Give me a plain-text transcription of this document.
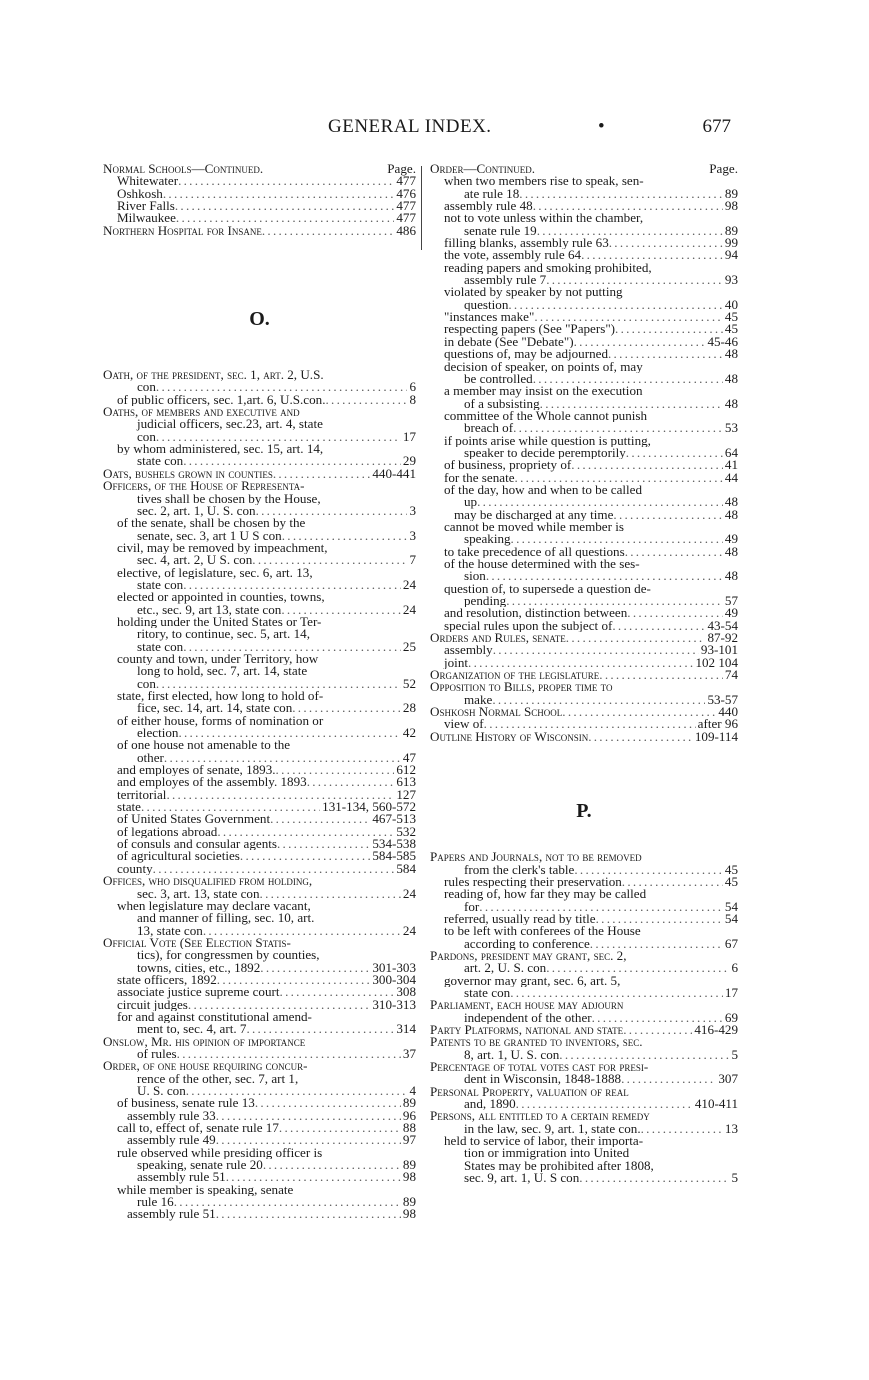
GENERAL INDEX.	•	677
Normal Schools—Continued.	Page.
Whitewater . . .	477
Oshkosh . . .	476
River Falls . . .	477
Milwaukee . . .	477
Northern Hospital for Insane . . .	486
O.
Oath, of the president, sec. 1, art. 2, U.S.
con . . .	6
of public officers, sec. 1,art. 6, U.S.con. . . .	8
Oaths, of members and executive and
judicial officers, sec.23, art. 4, state
con . . .	17
by whom administered, sec. 15, art. 14,
state con . . .	29
Oats, bushels grown in counties . . .	440-441
Officers, of the House of Representa-
tives shall be chosen by the House,
sec. 2, art. 1, U. S. con . . .	3
of the senate, shall be chosen by the
senate, sec. 3, art 1 U S con . . .	3
civil, may be removed by impeachment,
sec. 4, art. 2, U S. con . . .	7
elective, of legislature, sec. 6, art. 13,
state con . . .	24
elected or appointed in counties, towns,
etc., sec. 9, art 13, state con . . .	24
holding under the United States or Ter-
ritory, to continue, sec. 5, art. 14,
state con . . .	25
county and town, under Territory, how
long to hold, sec. 7, art. 14, state
con . . .	52
state, first elected, how long to hold of-
fice, sec. 14, art. 14, state con . . .	28
of either house, forms of nomination or
election . . .	42
of one house not amenable to the
other . . .	47
and employes of senate, 1893. . . .	612
and employes of the assembly. 1893 . . .	613
territorial . . .	127
state . . .	131-134, 560-572
of United States Government . . .	467-513
of legations abroad . . .	532
of consuls and consular agents . . .	534-538
of agricultural societies . . .	584-585
county . . .	584
Offices, who disqualified from holding,
sec. 3, art. 13, state con . . .	24
when legislature may declare vacant,
and manner of filling, sec. 10, art.
13, state con . . .	24
Official Vote (See Election Statis-
tics), for congressmen by counties,
towns, cities, etc., 1892 . . .	301-303
state officers, 1892 . . .	300-304
associate justice supreme court . . .	308
circuit judges . . .	310-313
for and against constitutional amend-
ment to, sec. 4, art. 7 . . .	314
Onslow, Mr. his opinion of importance
of rules . . .	37
Order, of one house requiring concur-
rence of the other, sec. 7, art 1,
U. S. con . . .	4
of business, senate rule 13 . . .	89
assembly rule 33 . . .	96
call to, effect of, senate rule 17 . . .	88
assembly rule 49 . . .	97
rule observed while presiding officer is
speaking, senate rule 20 . . .	89
assembly rule 51 . . .	98
while member is speaking, senate
rule 16 . . .	89
assembly rule 51 . . .	98
Order—Continued.	Page.
when two members rise to speak, sen-
ate rule 18 . . .	89
assembly rule 48 . . .	98
not to vote unless within the chamber,
senate rule 19 . . .	89
filling blanks, assembly rule 63 . . .	99
the vote, assembly rule 64 . . .	94
reading papers and smoking prohibited,
assembly rule 7 . . .	93
violated by speaker by not putting
question . . .	40
"instances make" . . .	45
respecting papers (See "Papers") . . .	45
in debate (See "Debate") . . .	45-46
questions of, may be adjourned . . .	48
decision of speaker, on points of, may
be controlled . . .	48
a member may insist on the execution
of a subsisting . . .	48
committee of the Whole cannot punish
breach of . . .	53
if points arise while question is putting,
speaker to decide peremptorily . . .	64
of business, propriety of . . .	41
for the senate . . .	44
of the day, how and when to be called
up . . .	48
may be discharged at any time . . .	48
cannot be moved while member is
speaking . . .	49
to take precedence of all questions . . .	48
of the house determined with the ses-
sion . . .	48
question of, to supersede a question de-
pending . . .	57
and resolution, distinction between . . .	49
special rules upon the subject of . . .	43-54
Orders and Rules, senate . . .	87-92
assembly . . .	93-101
joint . . .	102 104
Organization of the legislature . . .	74
Opposition to Bills, proper time to
make . . .	53-57
Oshkosh Normal School . . .	440
view of . . .	after 96
Outline History of Wisconsin . . .	109-114
P.
Papers and Journals, not to be removed
from the clerk's table . . .	45
rules respecting their preservation . . .	45
reading of, how far they may be called
for . . .	54
referred, usually read by title . . .	54
to be left with conferees of the House
according to conference . . .	67
Pardons, president may grant, sec. 2,
art. 2, U. S. con . . .	6
governor may grant, sec. 6, art. 5,
state con . . .	17
Parliament, each house may adjourn
independent of the other . . .	69
Party Platforms, national and state . . .	416-429
Patents to be granted to inventors, sec.
8, art. 1, U. S. con . . .	5
Percentage of total votes cast for presi-
dent in Wisconsin, 1848-1888 . . .	307
Personal Property, valuation of real
and, 1890 . . .	410-411
Persons, all entitled to a certain remedy
in the law, sec. 9, art. 1, state con. . . .	13
held to service of labor, their importa-
tion or immigration into United
States may be prohibited after 1808,
sec. 9, art. 1, U. S con . . .	5
